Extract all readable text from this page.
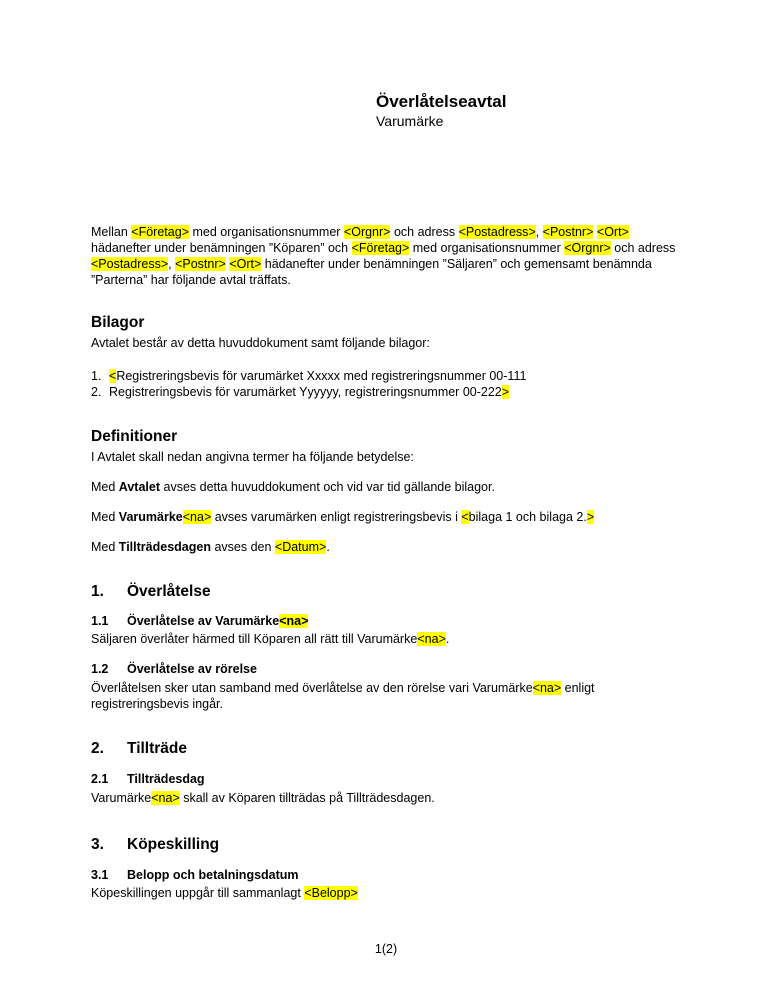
Överlåtelseavtal
Varumärke
Mellan <Företag> med organisationsnummer <Orgnr> och adress <Postadress>, <Postnr> <Ort> hädanefter under benämningen ”Köparen” och <Företag> med organisationsnummer <Orgnr> och adress <Postadress>, <Postnr> <Ort> hädanefter under benämningen ”Säljaren” och gemensamt benämnda ”Parterna” har följande avtal träffats.
Bilagor
Avtalet består av detta huvuddokument samt följande bilagor:
1. <Registreringsbevis för varumärket Xxxxx med registreringsnummer 00‑111
2. Registreringsbevis för varumärket Yyyyyy, registreringsnummer 00‑222>
Definitioner
I Avtalet skall nedan angivna termer ha följande betydelse:
Med Avtalet avses detta huvuddokument och vid var tid gällande bilagor.
Med Varumärke<na> avses varumärken enligt registreringsbevis i <bilaga 1 och bilaga 2.>
Med Tillträdesdagen avses den <Datum>.
1. Överlåtelse
1.1 Överlåtelse av Varumärke<na>
Säljaren överlåter härmed till Köparen all rätt till Varumärke<na>.
1.2 Överlåtelse av rörelse
Överlåtelsen sker utan samband med överlåtelse av den rörelse vari Varumärke<na> enligt registreringsbevis ingår.
2. Tillträde
2.1 Tillträdesdag
Varumärke<na> skall av Köparen tillträdas på Tillträdesdagen.
3. Köpeskilling
3.1 Belopp och betalningsdatum
Köpeskillingen uppgår till sammanlagt <Belopp>
1(2)
